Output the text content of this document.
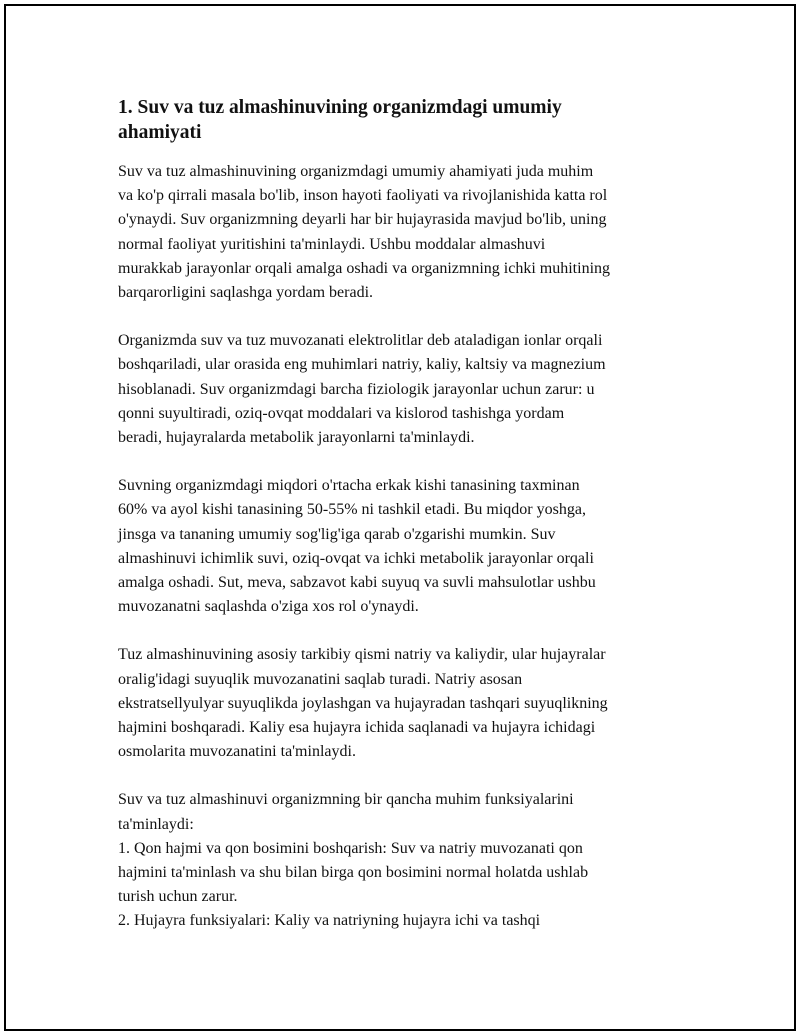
1. Suv va tuz almashinuvining organizmdagi umumiy
ahamiyati

Suv va tuz almashinuvining organizmdagi umumiy ahamiyati juda muhim
va ko'p qirrali masala bo'lib, inson hayoti faoliyati va rivojlanishida katta rol
o'ynaydi. Suv organizmning deyarli har bir hujayrasida mavjud bo'lib, uning
normal faoliyat yuritishini ta'minlaydi. Ushbu moddalar almashuvi
murakkab jarayonlar orqali amalga oshadi va organizmning ichki muhitining
barqarorligini saqlashga yordam beradi.

Organizmda suv va tuz muvozanati elektrolitlar deb ataladigan ionlar orqali
boshqariladi, ular orasida eng muhimlari natriy, kaliy, kaltsiy va magnezium
hisoblanadi. Suv organizmdagi barcha fiziologik jarayonlar uchun zarur: u
qonni suyultiradi, oziq-ovqat moddalari va kislorod tashishga yordam
beradi, hujayralarda metabolik jarayonlarni ta'minlaydi.

Suvning organizmdagi miqdori o'rtacha erkak kishi tanasining taxminan
60% va ayol kishi tanasining 50-55% ni tashkil etadi. Bu miqdor yoshga,
jinsga va tananing umumiy sog'lig'iga qarab o'zgarishi mumkin. Suv
almashinuvi ichimlik suvi, oziq-ovqat va ichki metabolik jarayonlar orqali
amalga oshadi. Sut, meva, sabzavot kabi suyuq va suvli mahsulotlar ushbu
muvozanatni saqlashda o'ziga xos rol o'ynaydi.

Tuz almashinuvining asosiy tarkibiy qismi natriy va kaliydir, ular hujayralar
oralig'idagi suyuqlik muvozanatini saqlab turadi. Natriy asosan
ekstratsellyulyar suyuqlikda joylashgan va hujayradan tashqari suyuqlikning
hajmini boshqaradi. Kaliy esa hujayra ichida saqlanadi va hujayra ichidagi
osmolarita muvozanatini ta'minlaydi.

Suv va tuz almashinuvi organizmning bir qancha muhim funksiyalarini
ta'minlaydi:
1. Qon hajmi va qon bosimini boshqarish: Suv va natriy muvozanati qon
hajmini ta'minlash va shu bilan birga qon bosimini normal holatda ushlab
turish uchun zarur.
2. Hujayra funksiyalari: Kaliy va natriyning hujayra ichi va tashqi
